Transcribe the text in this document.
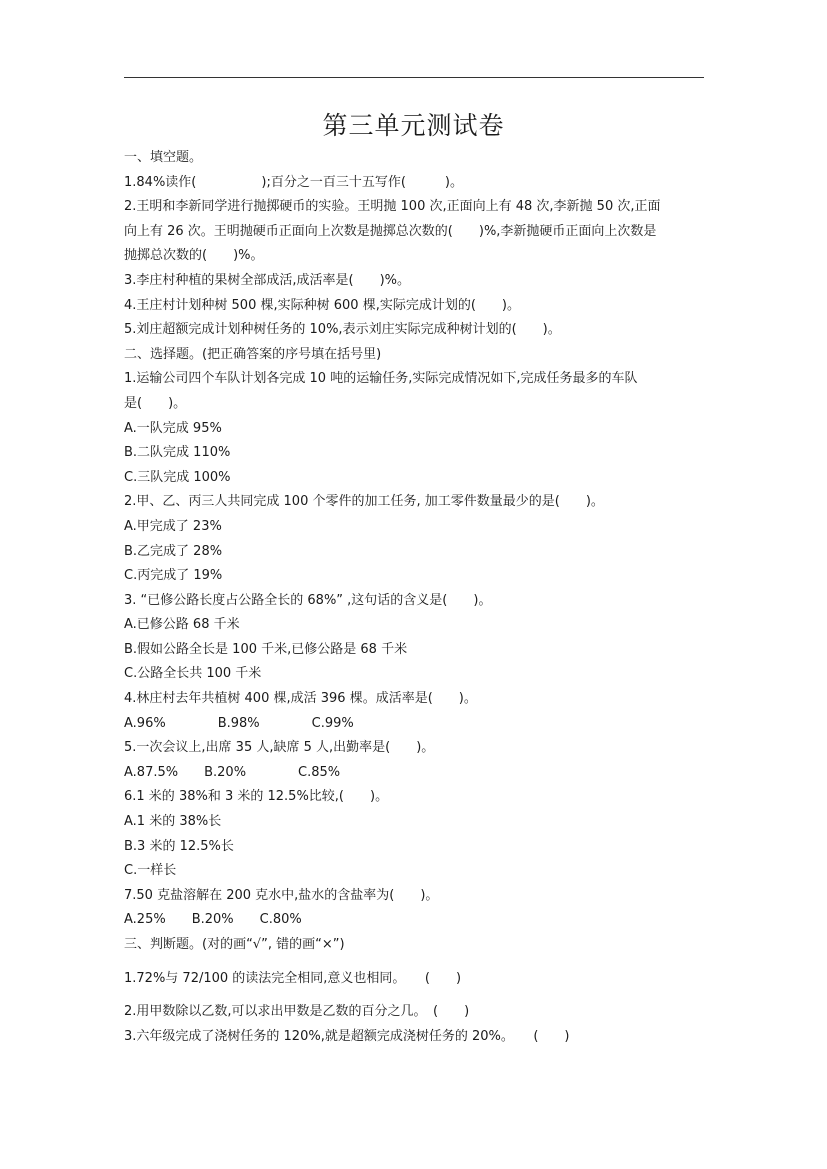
第三单元测试卷
一、填空题。
1.84%读作(　　　　　);百分之一百三十五写作(　　　)。
2.王明和李新同学进行抛掷硬币的实验。王明抛 100 次,正面向上有 48 次,李新抛 50 次,正面
向上有 26 次。王明抛硬币正面向上次数是抛掷总次数的(　　)%,李新抛硬币正面向上次数是
抛掷总次数的(　　)%。
3.李庄村种植的果树全部成活,成活率是(　　)%。
4.王庄村计划种树 500 棵,实际种树 600 棵,实际完成计划的(　　)。
5.刘庄超额完成计划种树任务的 10%,表示刘庄实际完成种树计划的(　　)。
二、选择题。(把正确答案的序号填在括号里)
1.运输公司四个车队计划各完成 10 吨的运输任务,实际完成情况如下,完成任务最多的车队
是(　　)。
A.一队完成 95%
B.二队完成 110%
C.三队完成 100%
2.甲、乙、丙三人共同完成 100 个零件的加工任务, 加工零件数量最少的是(　　)。
A.甲完成了 23%
B.乙完成了 28%
C.丙完成了 19%
3. “已修公路长度占公路全长的 68%” ,这句话的含义是(　　)。
A.已修公路 68 千米
B.假如公路全长是 100 千米,已修公路是 68 千米
C.公路全长共 100 千米
4.林庄村去年共植树 400 棵,成活 396 棵。成活率是(　　)。
A.96%　　　　B.98%　　　　C.99%
5.一次会议上,出席 35 人,缺席 5 人,出勤率是(　　)。
A.87.5%　　B.20%　　　　C.85%
6.1 米的 38%和 3 米的 12.5%比较,(　　)。
A.1 米的 38%长
B.3 米的 12.5%长
C.一样长
7.50 克盐溶解在 200 克水中,盐水的含盐率为(　　)。
A.25%　　B.20%　　C.80%
三、判断题。(对的画“√”, 错的画“×”)
1.72%与 72/100 的读法完全相同,意义也相同。　　(　　)
2.用甲数除以乙数,可以求出甲数是乙数的百分之几。　(　　)
3.六年级完成了浇树任务的 120%,就是超额完成浇树任务的 20%。　　(　　)
